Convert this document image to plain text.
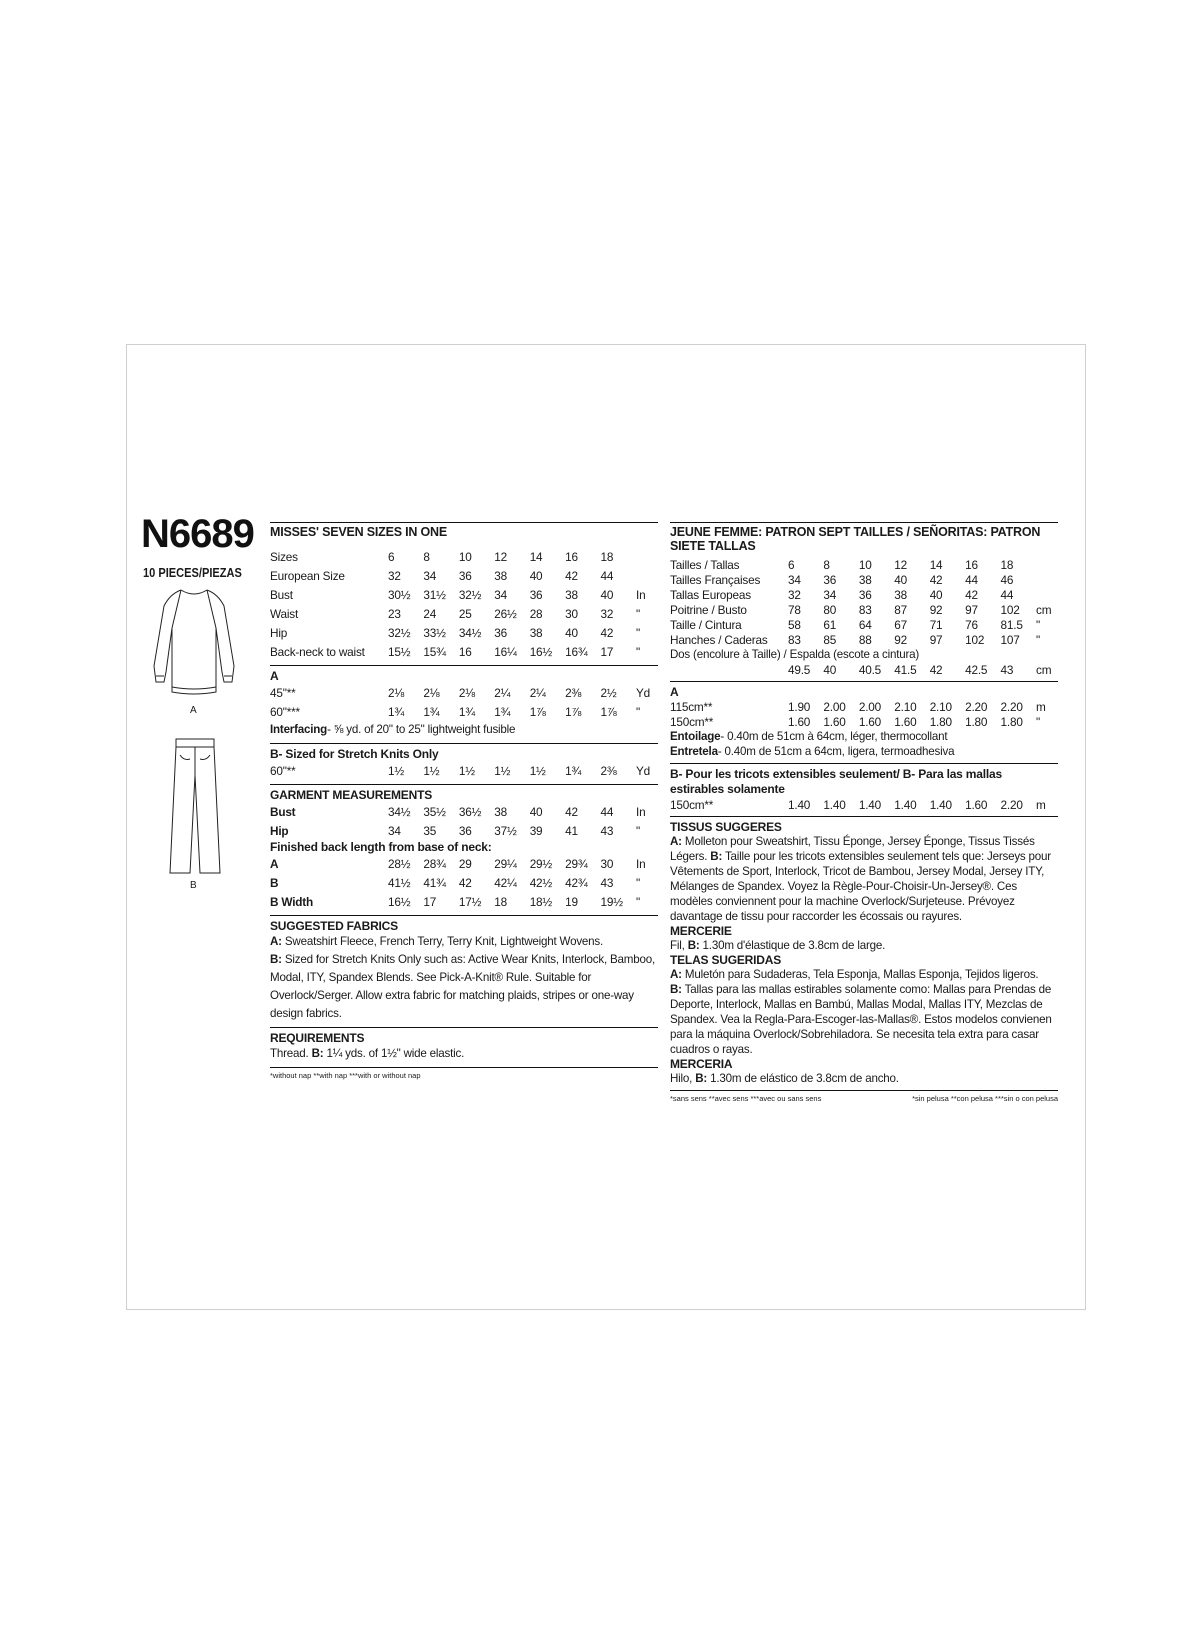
N6689
10 PIECES/PIEZAS
A
B
MISSES' SEVEN SIZES IN ONE
Sizes	6	8	10	12	14	16	18	
European Size	32	34	36	38	40	42	44	
Bust	30½	31½	32½	34	36	38	40	In
Waist	23	24	25	26½	28	30	32	"
Hip	32½	33½	34½	36	38	40	42	"
Back-neck to waist	15½	15¾	16	16¼	16½	16¾	17	"
A
45"**	2⅛	2⅛	2⅛	2¼	2¼	2⅜	2½	Yd
60"***	1¾	1¾	1¾	1¾	1⅞	1⅞	1⅞	"
Interfacing- ⅝ yd. of 20" to 25" lightweight fusible
B- Sized for Stretch Knits Only
60"**	1½	1½	1½	1½	1½	1¾	2⅜	Yd
GARMENT MEASUREMENTS
Bust	34½	35½	36½	38	40	42	44	In
Hip	34	35	36	37½	39	41	43	"
Finished back length from base of neck:
A	28½	28¾	29	29¼	29½	29¾	30	In
B	41½	41¾	42	42¼	42½	42¾	43	"
B Width	16½	17	17½	18	18½	19	19½	"
SUGGESTED FABRICS
A: Sweatshirt Fleece, French Terry, Terry Knit, Lightweight Wovens.
B: Sized for Stretch Knits Only such as: Active Wear Knits, Interlock, Bamboo, Modal, ITY, Spandex Blends. See Pick-A-Knit® Rule. Suitable for Overlock/Serger. Allow extra fabric for matching plaids, stripes or one-way design fabrics.
REQUIREMENTS
Thread. B: 1¼ yds. of 1½" wide elastic.
*without nap **with nap ***with or without nap
JEUNE FEMME: PATRON SEPT TAILLES / SEÑORITAS: PATRON SIETE TALLAS
Tailles / Tallas	6	8	10	12	14	16	18	
Tailles Françaises	34	36	38	40	42	44	46	
Tallas Europeas	32	34	36	38	40	42	44	
Poitrine / Busto	78	80	83	87	92	97	102	cm
Taille / Cintura	58	61	64	67	71	76	81.5	"
Hanches / Caderas	83	85	88	92	97	102	107	"
Dos (encolure à Taille) / Espalda (escote a cintura)
	49.5	40	40.5	41.5	42	42.5	43	cm
A
115cm**	1.90	2.00	2.00	2.10	2.10	2.20	2.20	m
150cm**	1.60	1.60	1.60	1.60	1.80	1.80	1.80	"
Entoilage- 0.40m de 51cm à 64cm, léger, thermocollant
Entretela- 0.40m de 51cm a 64cm, ligera, termoadhesiva
B- Pour les tricots extensibles seulement/ B- Para las mallas estirables solamente
150cm**	1.40	1.40	1.40	1.40	1.40	1.60	2.20	m
TISSUS SUGGERES
A: Molleton pour Sweatshirt, Tissu Éponge, Jersey Éponge, Tissus Tissés Légers. B: Taille pour les tricots extensibles seulement tels que: Jerseys pour Vêtements de Sport, Interlock, Tricot de Bambou, Jersey Modal, Jersey ITY, Mélanges de Spandex. Voyez la Règle-Pour-Choisir-Un-Jersey®. Ces modèles conviennent pour la machine Overlock/Surjeteuse. Prévoyez davantage de tissu pour raccorder les écossais ou rayures.
MERCERIE
Fil, B: 1.30m d'élastique de 3.8cm de large.
TELAS SUGERIDAS
A: Muletón para Sudaderas, Tela Esponja, Mallas Esponja, Tejidos ligeros.
B: Tallas para las mallas estirables solamente como: Mallas para Prendas de Deporte, Interlock, Mallas en Bambú, Mallas Modal, Mallas ITY, Mezclas de Spandex. Vea la Regla-Para-Escoger-las-Mallas®. Estos modelos convienen para la máquina Overlock/Sobrehiladora. Se necesita tela extra para casar cuadros o rayas.
MERCERIA
Hilo, B: 1.30m de elástico de 3.8cm de ancho.
*sans sens **avec sens ***avec ou sans sens	*sin pelusa **con pelusa ***sin o con pelusa
